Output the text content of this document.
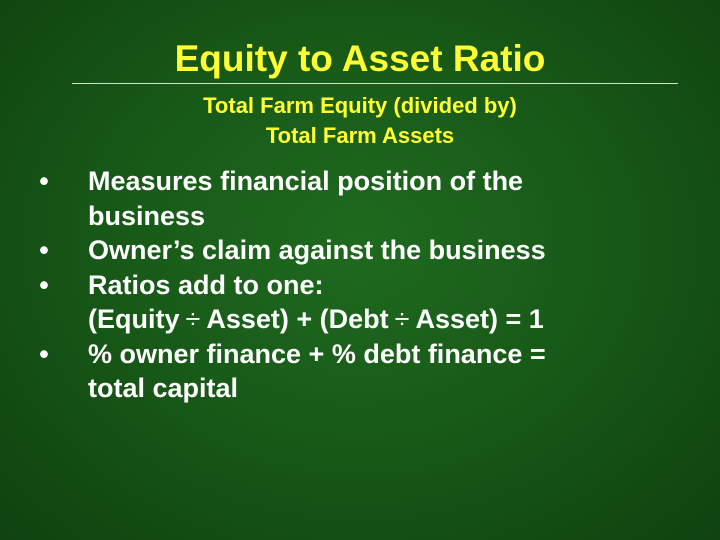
Equity to Asset Ratio
Total Farm Equity (divided by)
Total Farm Assets
• Measures financial position of the
business
• Owner’s claim against the business
• Ratios add to one:
(Equity ÷ Asset) + (Debt ÷ Asset) = 1
• % owner finance + % debt finance =
total capital
